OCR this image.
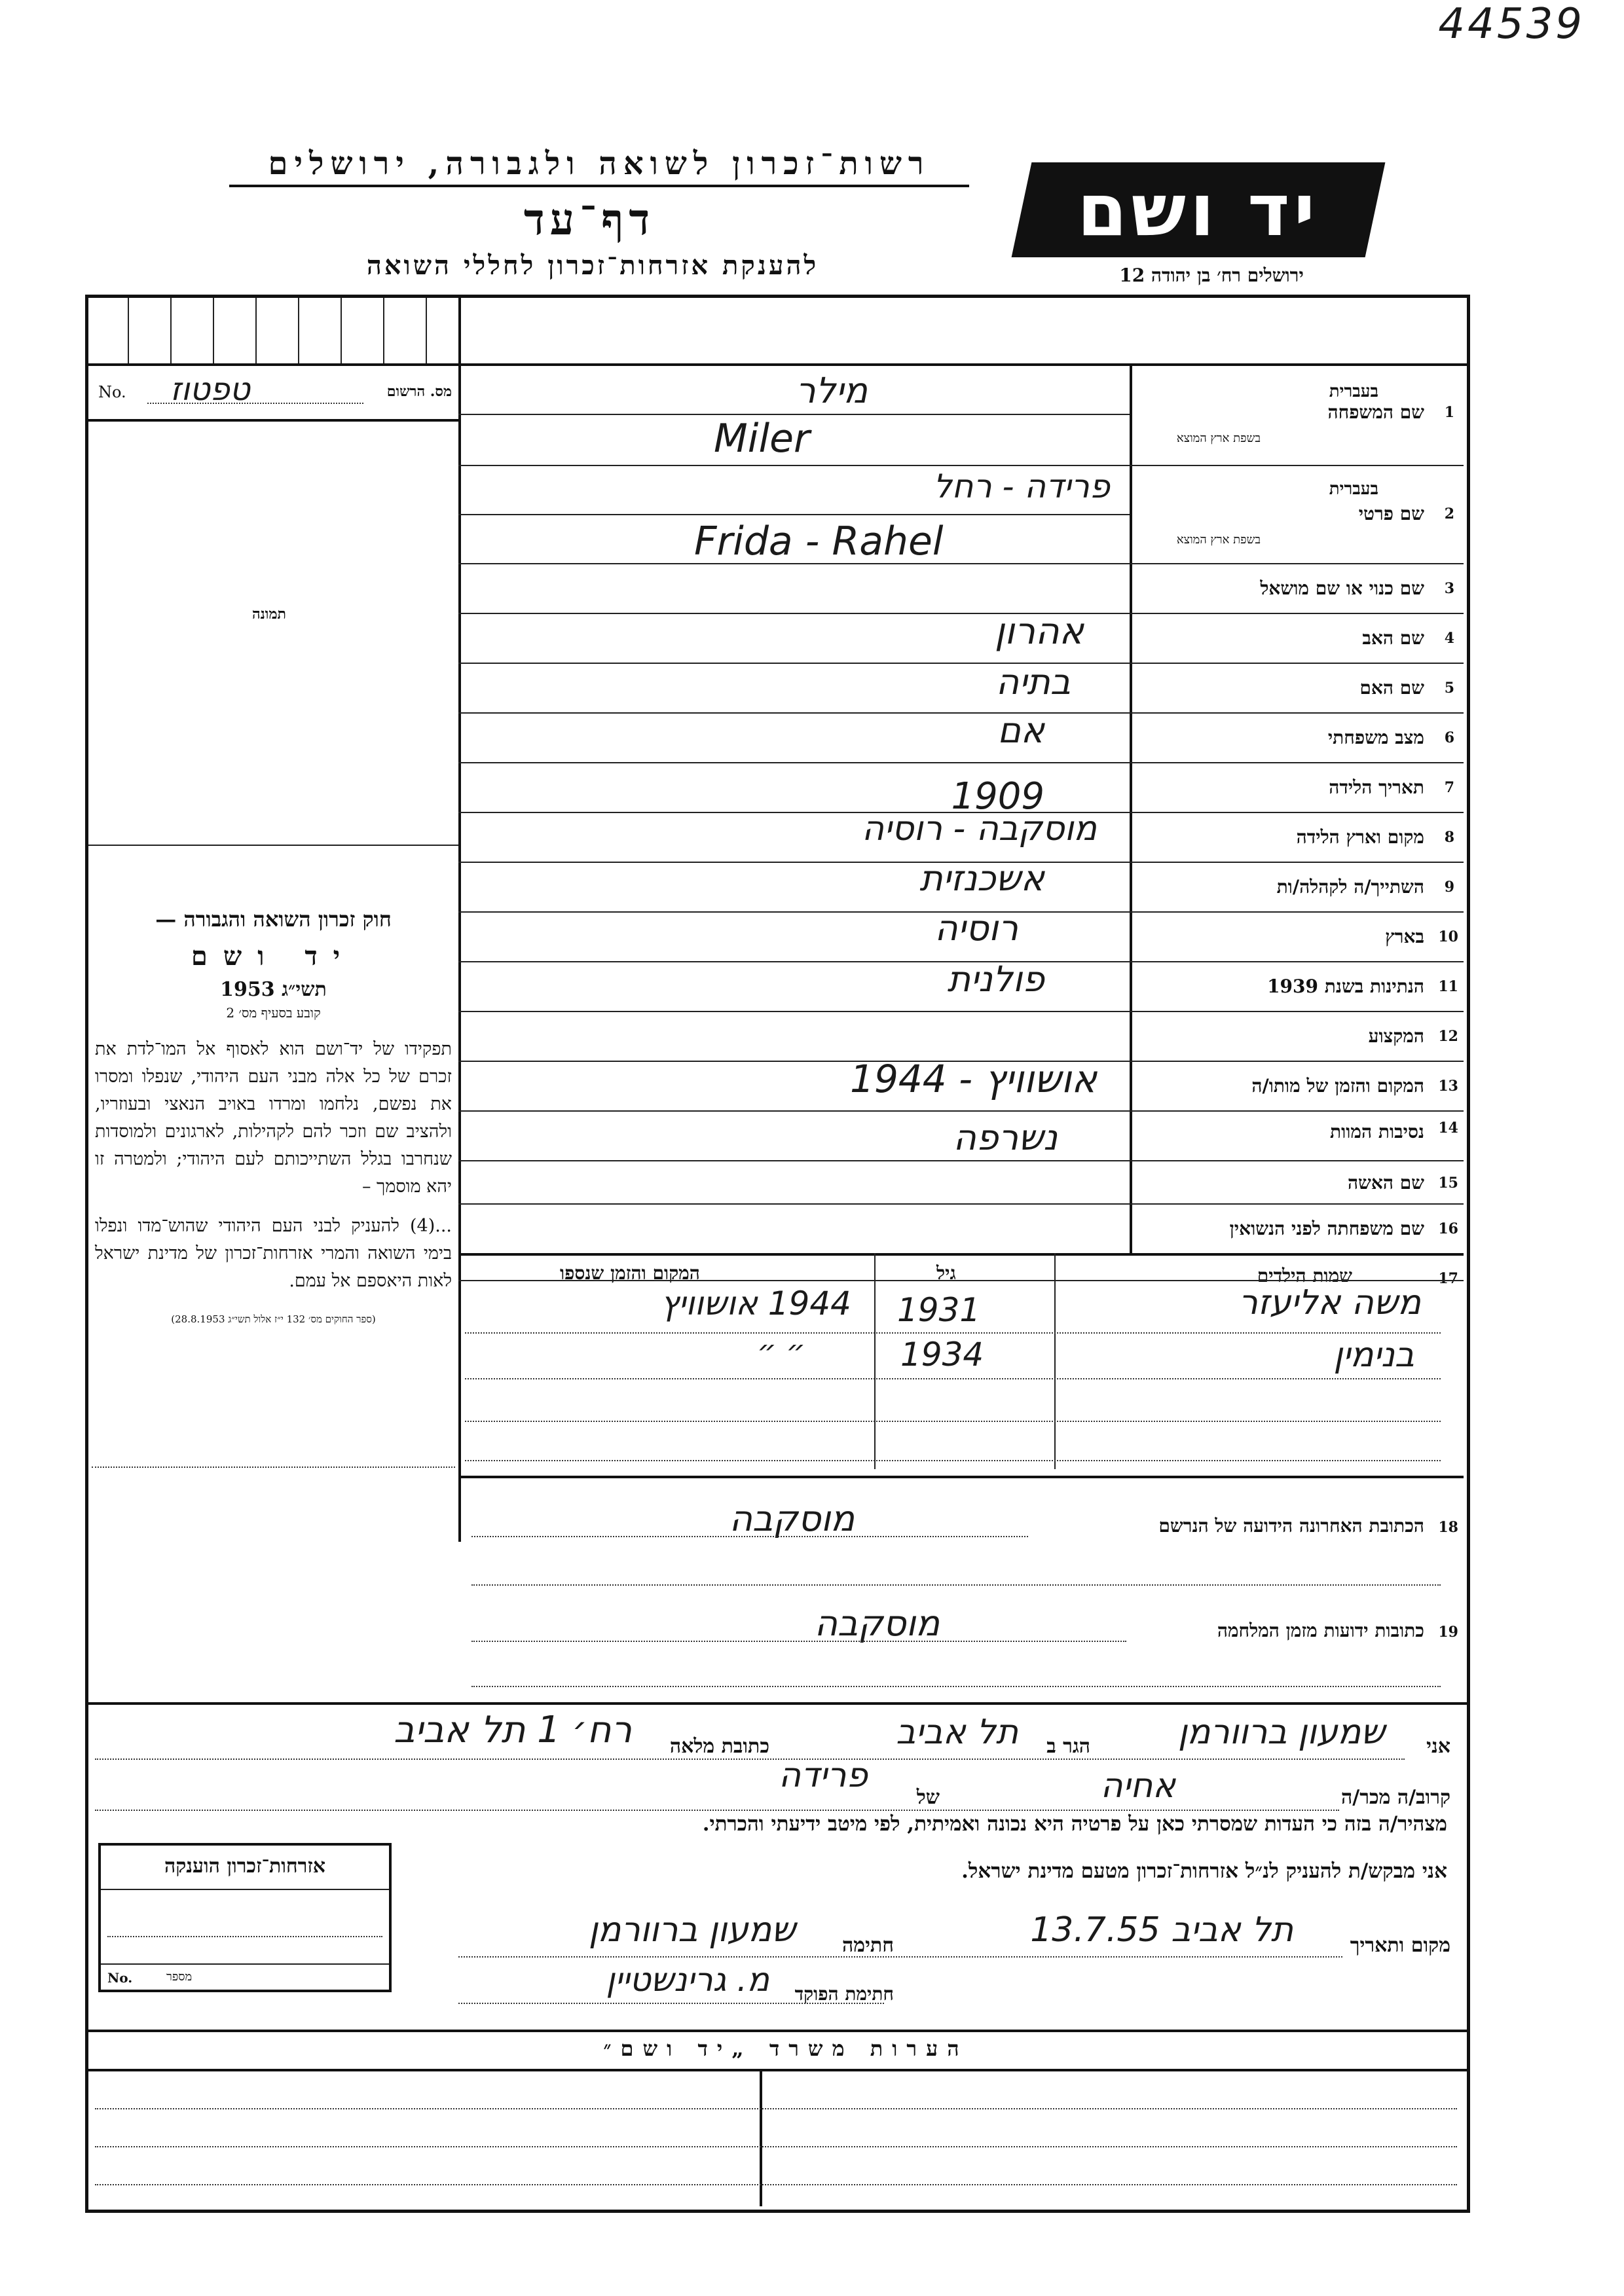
44539
רשות־זכרון לשואה ולגבורה, ירושלים
דף־עד
להענקת אזרחות־זכרון לחללי השואה
יד ושם
ירושלים רח׳ בן יהודה 12
No. טפטוז	מס. הרשום
תמונה
חוק זכרון השואה והגבורה —
יד ושם
תשי״ג 1953
קובע בסעיף מס׳ 2
תפקידו של יד־ושם הוא לאסוף אל המו־לדת את זכרם של כל אלה מבני העם היהודי, שנפלו ומסרו את נפשם, נלחמו ומרדו באויב הנאצי ובעוזריו, ולהציב שם וזכר להם לקהילות, לארגונים ולמוסדות שנחרבו בגלל השתייכותם לעם היהודי; ולמטרה זו יהא מוסמך –
...(4) להעניק לבני העם היהודי שהוש־מדו ונפלו בימי השואה והמרי אזרחות־זכרון של מדינת ישראל לאות היאספם אל עמם.
(ספר החוקים מס׳ 132 י״ז אלול תשי״ג 28.8.1953)
1
שם המשפחה
בעברית
בשפת ארץ המוצא
מילר
Miler
2
שם פרטי
בעברית
בשפת ארץ המוצא
פרידה - רחל
Frida - Rahel
3
שם כנוי או שם מושאל
4
שם האב
אהרון
5
שם האם
בתיה
6
מצב משפחתי
אם
7
תאריך הלידה
1909
8
מקום וארץ הלידה
מוסקבה - רוסיה
9
השתייך/ה לקהלה/ות
אשכנזית
10
בארץ
רוסיה
11
הנתינות בשנת 1939
פולנית
12
המקצוע
13
המקום והזמן של מותו/ה
אושוויץ - 1944
14
נסיבות המוות
נשרפה
15
שם האשה
16
שם משפחתה לפני הנשואין
17
שמות הילדים
גיל
המקום והזמן שנספו
משה אליעזר
1931
1944 אושוויץ
בנימין
1934
״ ״
18
הכתובת האחרונה הידועה של הנרשם
מוסקבה
19
כתובות ידועות מזמן המלחמה
מוסקבה
אני
שמעון ברוורמן
הגר ב
תל אביב
כתובת מלאה
רח׳ 1 תל אביב
קרוב/ה מכר/ה
אחיה
של
פרידה
מצהיר/ה בזה כי העדות שמסרתי כאן על פרטיה היא נכונה ואמיתית, לפי מיטב ידיעתי והכרתי.
אני מבקש/ת להעניק לנ״ל אזרחות־זכרון מטעם מדינת ישראל.
מקום ותאריך
תל אביב 13.7.55
חתימה
שמעון ברוורמן
חתימת הפוקד
מ. גרינשטיין
אזרחות־זכרון הוענקה
No.	מספר
הערות משרד „יד ושם״
